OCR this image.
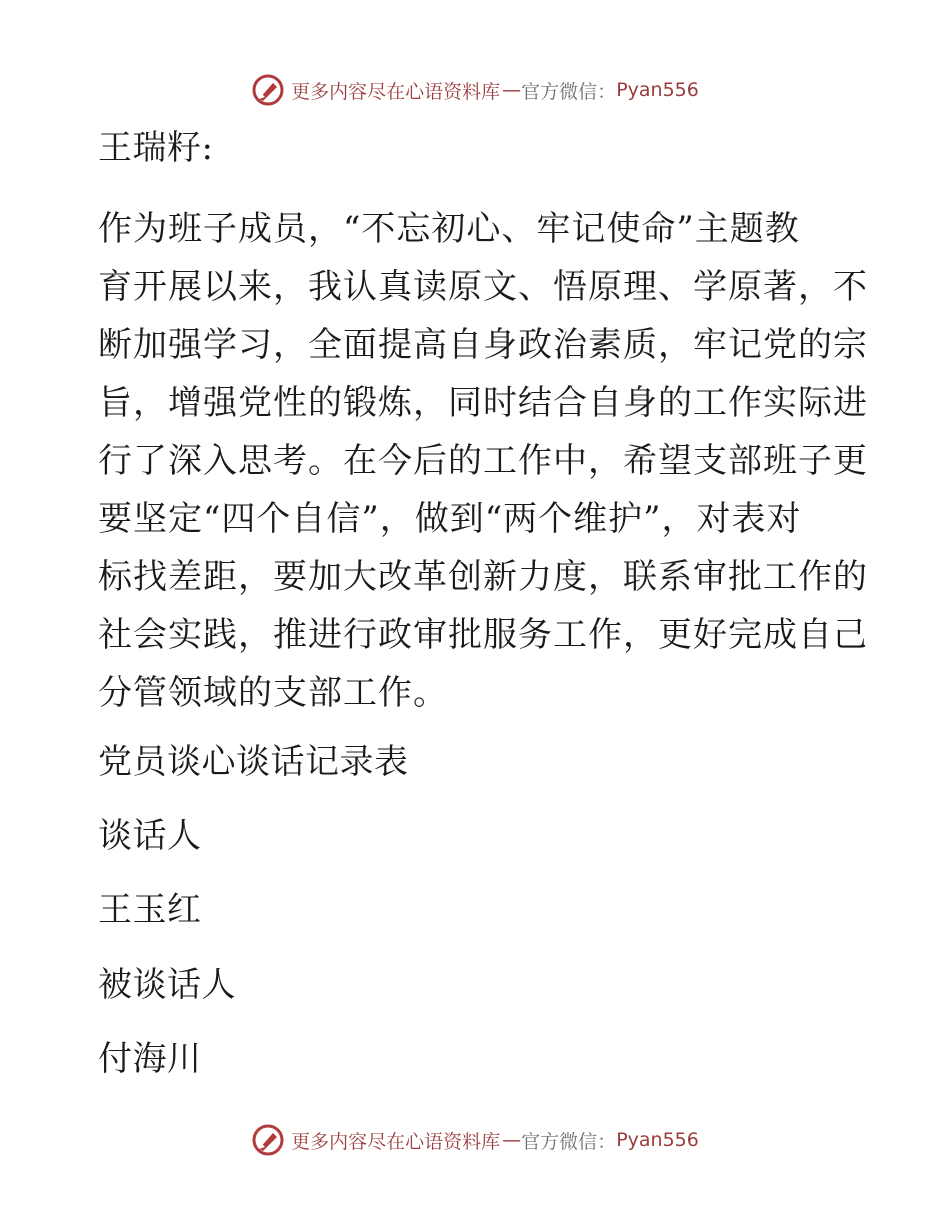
更多内容尽在心语资料库 — 官方微信： Pyan556
王瑞籽:
作为班子成员，“不忘初心、牢记使命”主题教
育开展以来，我认真读原文、悟原理、学原著，不
断加强学习，全面提高自身政治素质，牢记党的宗
旨，增强党性的锻炼，同时结合自身的工作实际进
行了深入思考。在今后的工作中，希望支部班子更
要坚定“四个自信”，做到“两个维护”，对表对
标找差距，要加大改革创新力度，联系审批工作的
社会实践，推进行政审批服务工作，更好完成自己
分管领域的支部工作。
党员谈心谈话记录表
谈话人
王玉红
被谈话人
付海川
更多内容尽在心语资料库 — 官方微信： Pyan556
